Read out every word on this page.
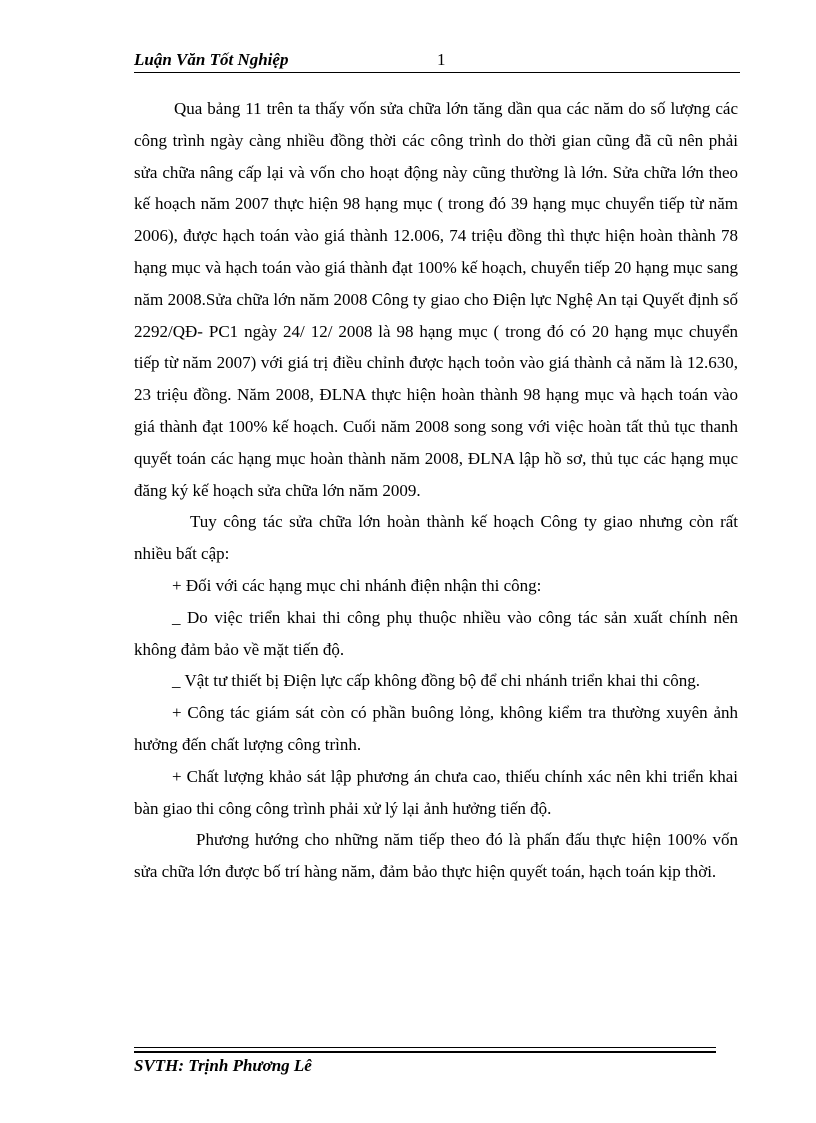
Luận Văn Tốt Nghiệp	1

Qua bảng 11 trên ta thấy vốn sửa chữa lớn tăng dần qua các năm do số lượng các công trình ngày càng nhiều đồng thời các công trình do thời gian cũng đã cũ nên phải sửa chữa nâng cấp lại và vốn cho hoạt động này cũng thường là lớn. Sửa chữa lớn theo kế hoạch năm 2007 thực hiện 98 hạng mục ( trong đó 39 hạng mục chuyển tiếp từ năm 2006), được hạch toán vào giá thành 12.006, 74 triệu đồng thì thực hiện hoàn thành 78 hạng mục và hạch toán vào giá thành đạt 100% kế hoạch, chuyển tiếp 20 hạng mục sang năm 2008.Sửa chữa lớn năm 2008 Công ty giao cho Điện lực Nghệ An tại Quyết định số 2292/QĐ- PC1 ngày 24/ 12/ 2008 là 98 hạng mục ( trong đó có 20 hạng mục chuyển tiếp từ năm 2007) với giá trị điều chỉnh được hạch toỏn vào giá thành cả năm là 12.630, 23 triệu đồng. Năm 2008, ĐLNA thực hiện hoàn thành 98 hạng mục và hạch toán vào giá thành đạt 100% kế hoạch. Cuối năm 2008 song song với việc hoàn tất thủ tục thanh quyết toán các hạng mục hoàn thành năm 2008, ĐLNA lập hồ sơ, thủ tục các hạng mục đăng ký kế hoạch sửa chữa lớn năm 2009.

Tuy công tác sửa chữa lớn hoàn thành kế hoạch Công ty giao nhưng còn rất nhiều bất cập:

+ Đối với các hạng mục chi nhánh điện nhận thi công:

_ Do việc triển khai thi công phụ thuộc nhiều vào công tác sản xuất chính nên không đảm bảo về mặt tiến độ.

_ Vật tư thiết bị Điện lực cấp không đồng bộ để chi nhánh triển khai thi công.

+ Công tác giám sát còn có phần buông lỏng, không kiểm tra thường xuyên ảnh hưởng đến chất lượng công trình.

+ Chất lượng khảo sát lập phương án chưa cao, thiếu chính xác nên khi triển khai bàn giao thi công công trình phải xử lý lại ảnh hưởng tiến độ.

Phương hướng cho những năm tiếp theo đó là phấn đấu thực hiện 100% vốn sửa chữa lớn được bố trí hàng năm, đảm bảo thực hiện quyết toán, hạch toán kịp thời.

SVTH: Trịnh Phương Lê
